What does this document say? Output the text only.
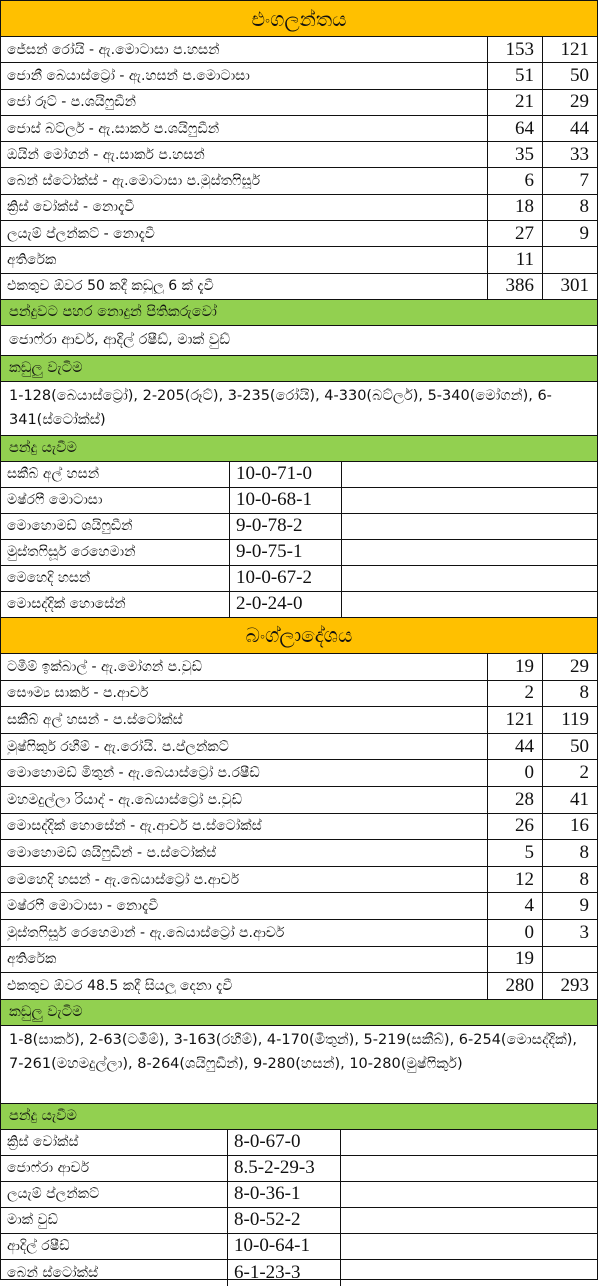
එංගලන්තය
ජේසන් රෝයි - ඇ.මොටාසා ප.හසන්	153	121
ජොනී බෙයාස්ට්‍රෝ - ඇ.හසන් ප.මොටාසා	51	50
ජෝ රූට් - ප.ශයිෆුඩීන්	21	29
ජොස් බට්ලර් - ඇ.සාකර් ප.ශයිෆුඩීන්	64	44
ඔයින් මෝගන් - ඇ.සාකර් ප.හසන්	35	33
බෙන් ස්ටෝක්ස් - ඇ.මොටාසා ප.මුස්තෆිසූර්	6	7
ක්‍රිස් වෝක්ස් - නොදැවී	18	8
ලයැම් ප්ලන්කට් - නොදැවී	27	9
අතිරේක	11
එකතුව ඕවර 50 කදී කඩුලු 6 ක් දැවී	386	301
පන්දුවට පහර නොදුන් පිතිකරුවෝ
ජොෆ්රා ආචර්, ආදිල් රෂීඩ්, මාක් වුඩ්
කඩුලු වැටීම
1-128(බෙයාස්ට්‍රෝ), 2-205(රූට්), 3-235(රෝයි), 4-330(බට්ලර්), 5-340(මෝගන්), 6-341(ස්ටෝක්ස්)
පන්දු යැවීම
සකීබ් අල් හසන්	10-0-71-0
මෂ්රෆී මොටාසා	10-0-68-1
මොහොමඩ් ශයිෆුඩීන්	9-0-78-2
මුස්තෆිසූර් රෙහෙමාන්	9-0-75-1
මෙහෙදි හසන්	10-0-67-2
මොසද්දික් හොසේන්	2-0-24-0
බංග්ලාදේශය
ටමීම් ඉක්බාල් - ඇ.මෝගන් ප.වුඩ්	19	29
සෞම්‍ය සාකර් - ප.ආචර්	2	8
සකීබ් අල් හසන් - ප.ස්ටෝක්ස්	121	119
මුෂ්ෆිකුර් රහීම් - ඇ.රෝයි. ප.ප්ලන්කට්	44	50
මොහොමඩ් මිතුන් - ඇ.බෙයාස්ට්‍රෝ ප.රෂීඩ්	0	2
මහමදුල්ලා රියාද් - ඇ.බෙයාස්ට්‍රෝ ප.වුඩ්	28	41
මොසද්දික් හොසේන් - ඇ.ආචර් ප.ස්ටෝක්ස්	26	16
මොහොමඩ් ශයිෆුඩීන් - ප.ස්ටෝක්ස්	5	8
මෙහෙදි හසන් - ඇ.බෙයාස්ට්‍රෝ ප.ආචර්	12	8
මෂ්රෆී මොටාසා - නොදැවී	4	9
මුස්තෆිසූර් රෙහෙමාන් - ඇ.බෙයාස්ට්‍රෝ ප.ආචර්	0	3
අතිරේක	19
එකතුව ඕවර 48.5 කදී සියලු දෙනා දැවී	280	293
කඩුලු වැටීම
1-8(සාකර්), 2-63(ටමීම්), 3-163(රහීම්), 4-170(මිතුන්), 5-219(සකීබ්), 6-254(මොසද්දික්), 7-261(මහමදුල්ලා), 8-264(ශයිෆුඩීන්), 9-280(හසන්), 10-280(මුෂ්ෆිකුර්)
පන්දු යැවීම
ක්‍රිස් වෝක්ස්	8-0-67-0
ජොෆ්රා ආචර්	8.5-2-29-3
ලයැම් ප්ලන්කට්	8-0-36-1
මාක් වුඩ්	8-0-52-2
ආදිල් රෂීඩ්	10-0-64-1
බෙන් ස්ටෝක්ස්	6-1-23-3
